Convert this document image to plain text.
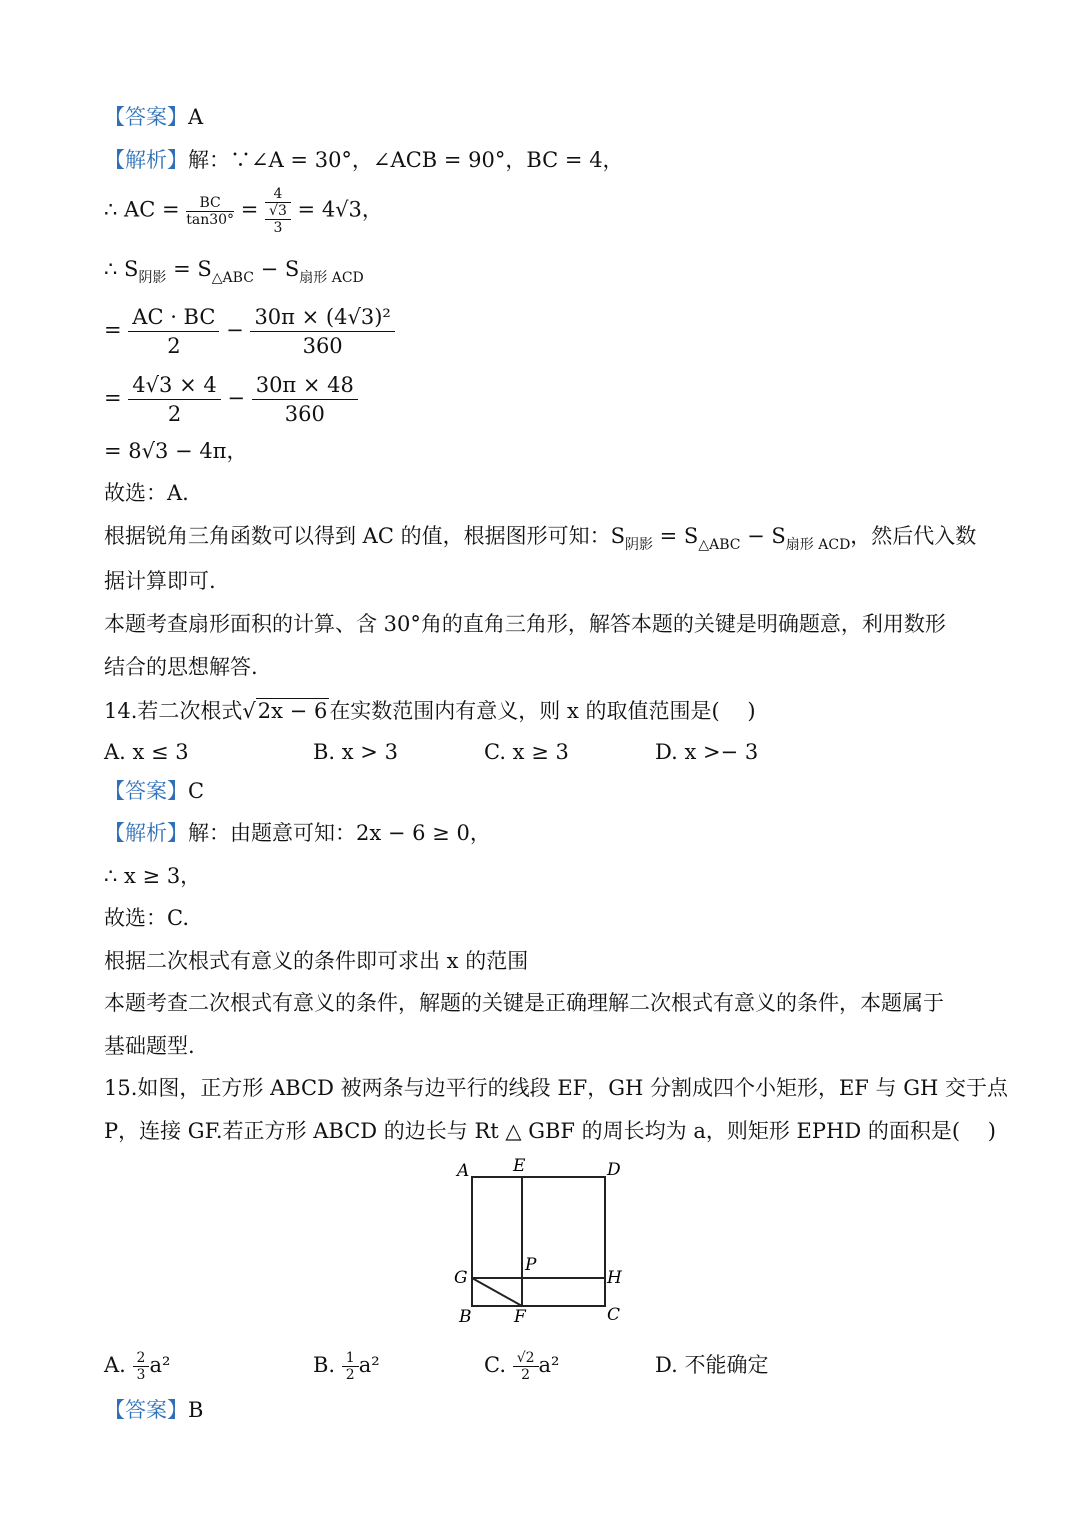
【答案】A
【解析】解：∵∠A = 30°，∠ACB = 90°，BC = 4，
∴ AC = $\frac{BC}{\tan 30^\circ} = 4$
√3
3 = 4√3，
∴ $S_{阴影} = S_{\triangle ABC} - S_{扇形 ACD}$
= $\frac{AC \cdot BC}{2} - \frac{\text{30π × (4√3)²}}{360}$
= $\frac{4√3 \times 4}{2} - \frac{30\pi \times 48}{360}$
= 8√3 − 4π，
故选：A.
根据锐角三角函数可以得到 AC 的值，根据图形可知：$S_{阴影} = S_{\triangle ABC} - S_{扇形 ACD}$，然后代入数
据计算即可.
本题考查扇形面积的计算、含 30°角的直角三角形，解答本题的关键是明确题意，利用数形
结合的思想解答.
14.若二次根式√2x − 6在实数范围内有意义，则 x 的取值范围是(　 )
A. x ≤ 3	B. x > 3	C. x ≥ 3	D. x >− 3
【答案】C
【解析】解：由题意可知：2x − 6 ≥ 0，
∴ x ≥ 3，
故选：C.
根据二次根式有意义的条件即可求出 x 的范围
本题考查二次根式有意义的条件，解题的关键是正确理解二次根式有意义的条件，本题属于
基础题型.
15.如图，正方形 ABCD 被两条与边平行的线段 EF，GH 分割成四个小矩形，EF 与 GH 交于点
P，连接 GF.若正方形 ABCD 的边长与 Rt △ GBF 的周长均为 a，则矩形 EPHD 的面积是(　 )
A	E	D
G
P
H
B	F	C
A. $\frac{2}{3} a^2$	B. $\frac{1}{2} a^2$	C. $\frac{√2}{2} a^2$	D. 不能确定
【答案】B
